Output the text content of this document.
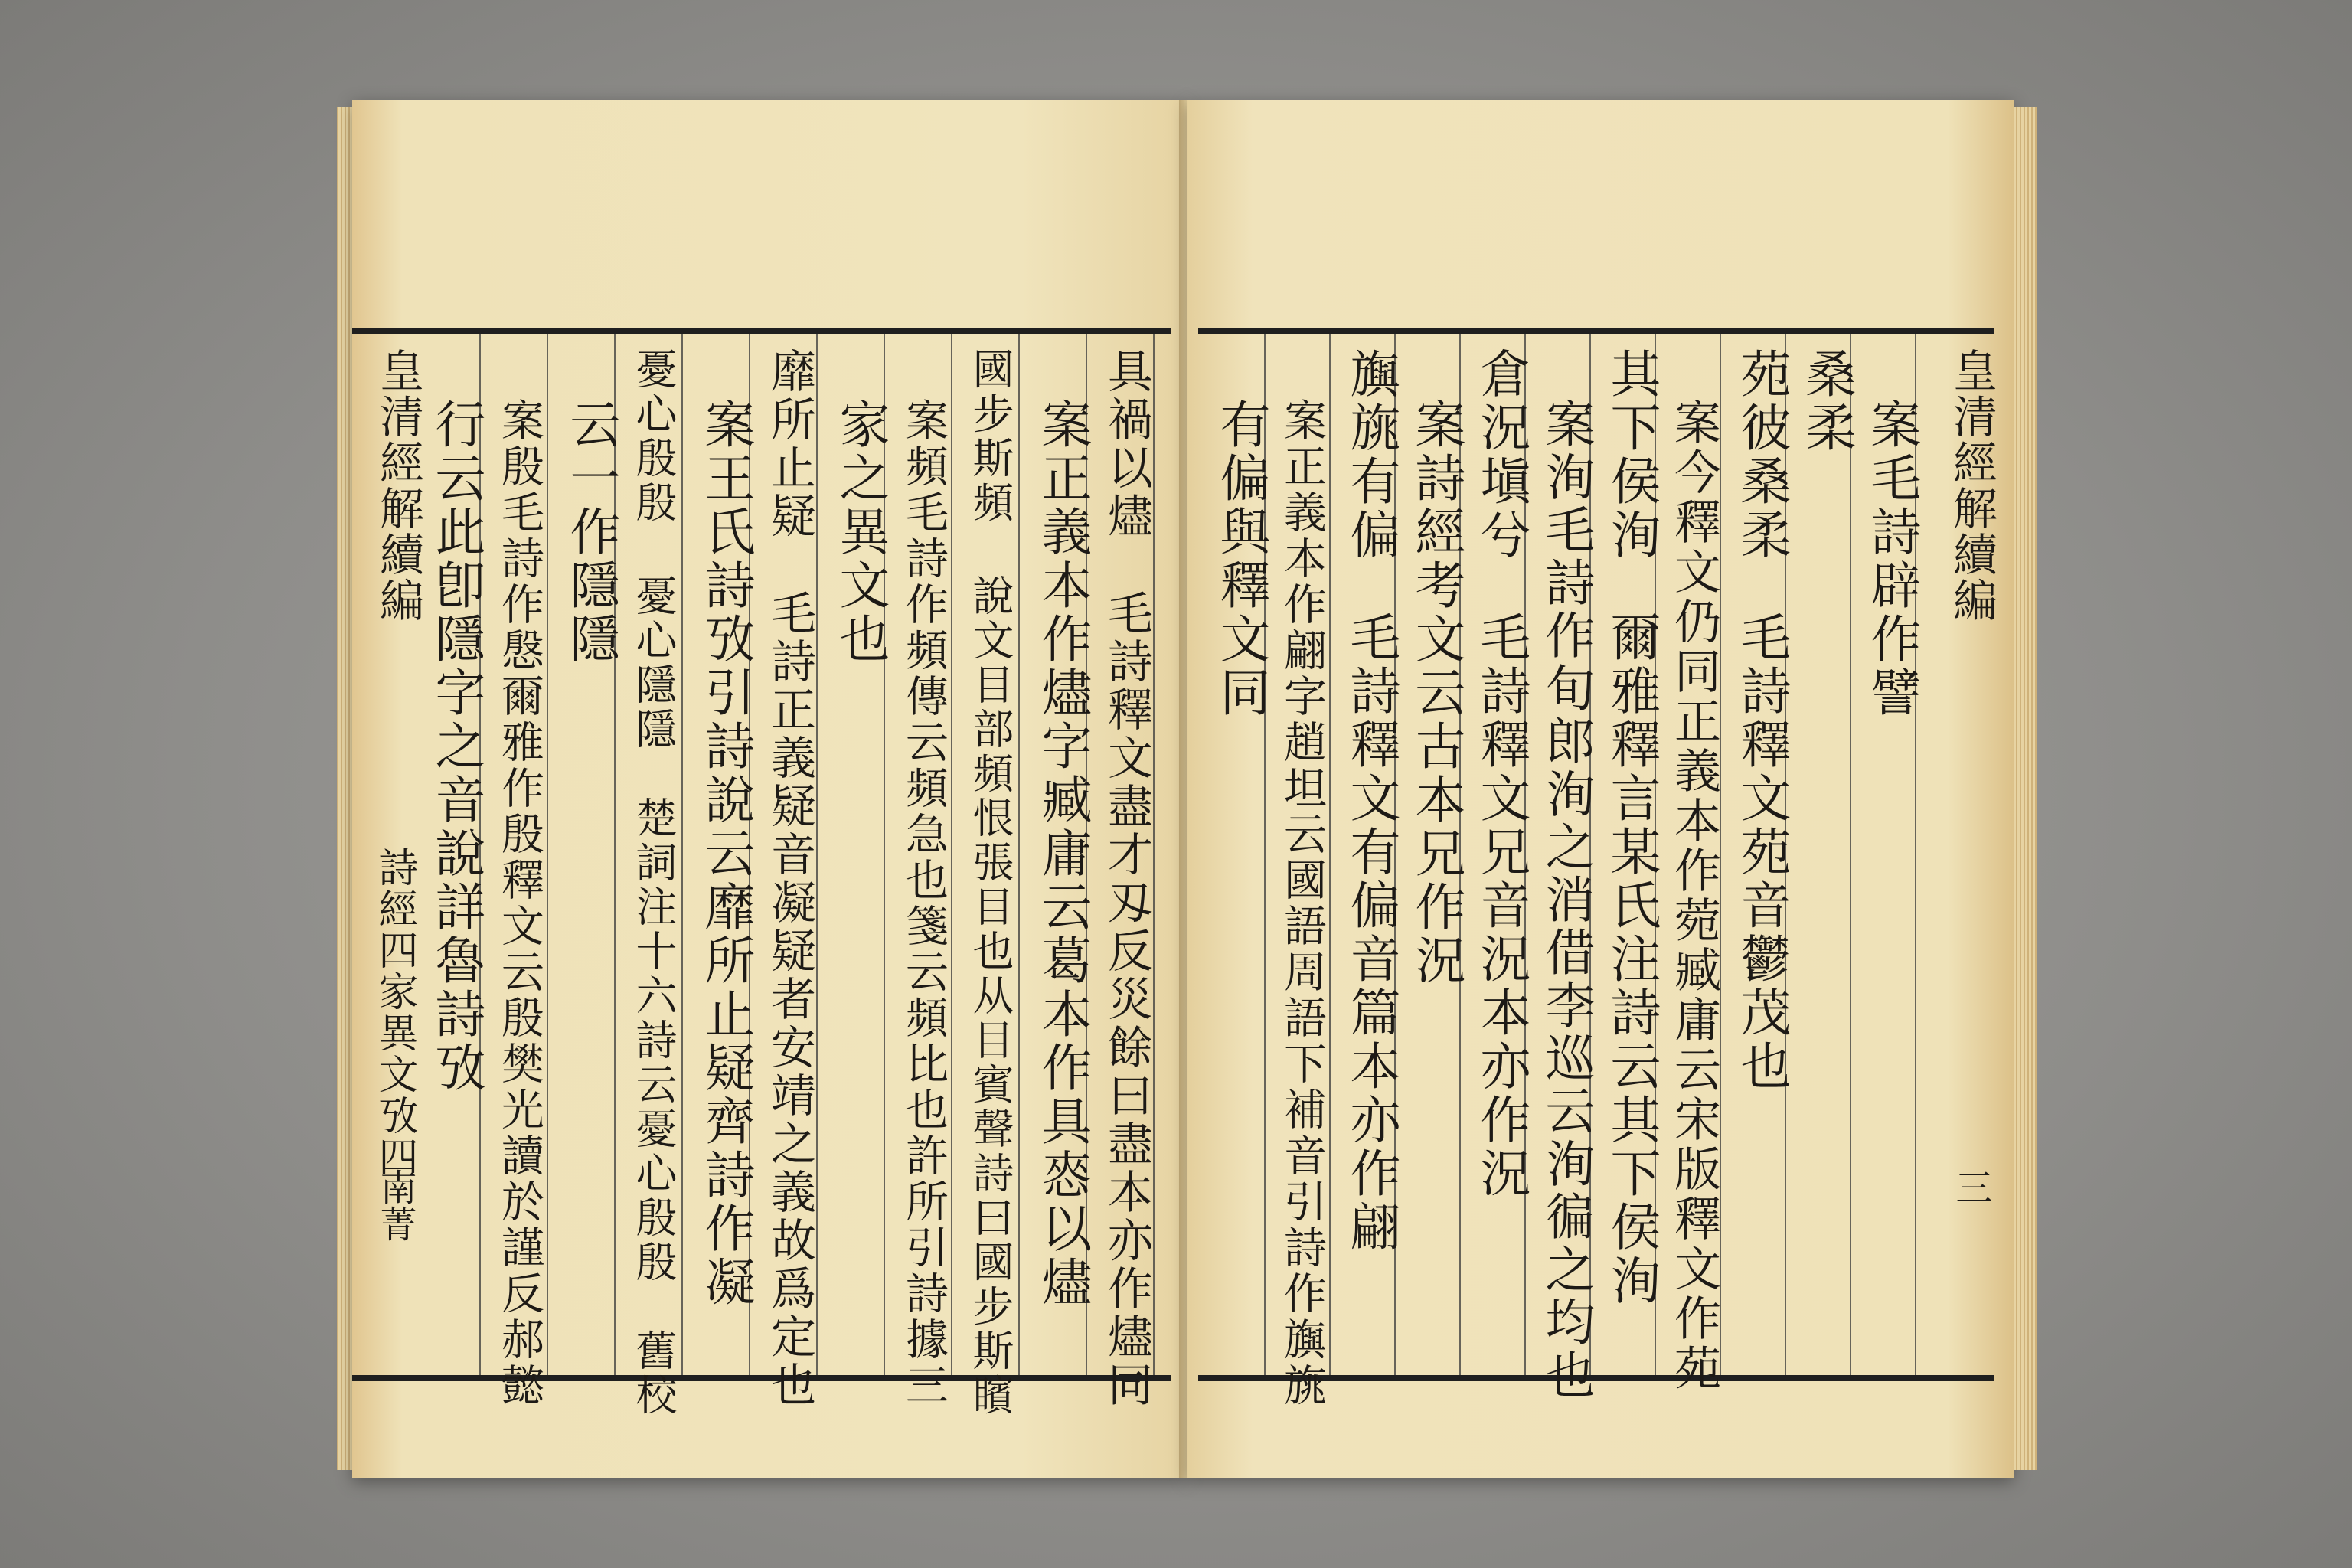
皇清經解續編
詩經四家異文攷四
南菁
具禍以燼毛詩釋文盡才刄反災餘曰盡本亦作燼同
案正義本作燼字臧庸云葛本作具㤲以燼
國步斯頻說文目部頻恨張目也从目賓聲詩曰國步斯矉
案頻毛詩作頻傳云頻急也箋云頻比也許所引詩據三
家之異文也
靡所止疑毛詩正義疑音凝疑者安靖之義故爲定也
案王氏詩攷引詩說云靡所止疑齊詩作凝
憂心殷殷憂心隱隱　楚詞注十六詩云憂心殷殷　舊校
云一作隱隱
案殷毛詩作慇爾雅作殷釋文云殷樊光讀於謹反郝懿
行云此卽隱字之音說詳魯詩攷	皇清經解續編
三
案毛詩辟作譬
桑柔
苑彼桑柔毛詩釋文苑音鬱茂也
案今釋文仍同正義本作菀臧庸云宋版釋文作苑
其下侯洵爾雅釋言某氏注詩云其下侯洵
案洵毛詩作旬郎洵之消借李巡云洵徧之均也
倉況塡兮毛詩釋文兄音況本亦作況
案詩經考文云古本兄作況
旟旐有偏毛詩釋文有偏音篇本亦作翩
案正義本作翩字趙坦云國語周語下補音引詩作旟旐
有偏與釋文同
